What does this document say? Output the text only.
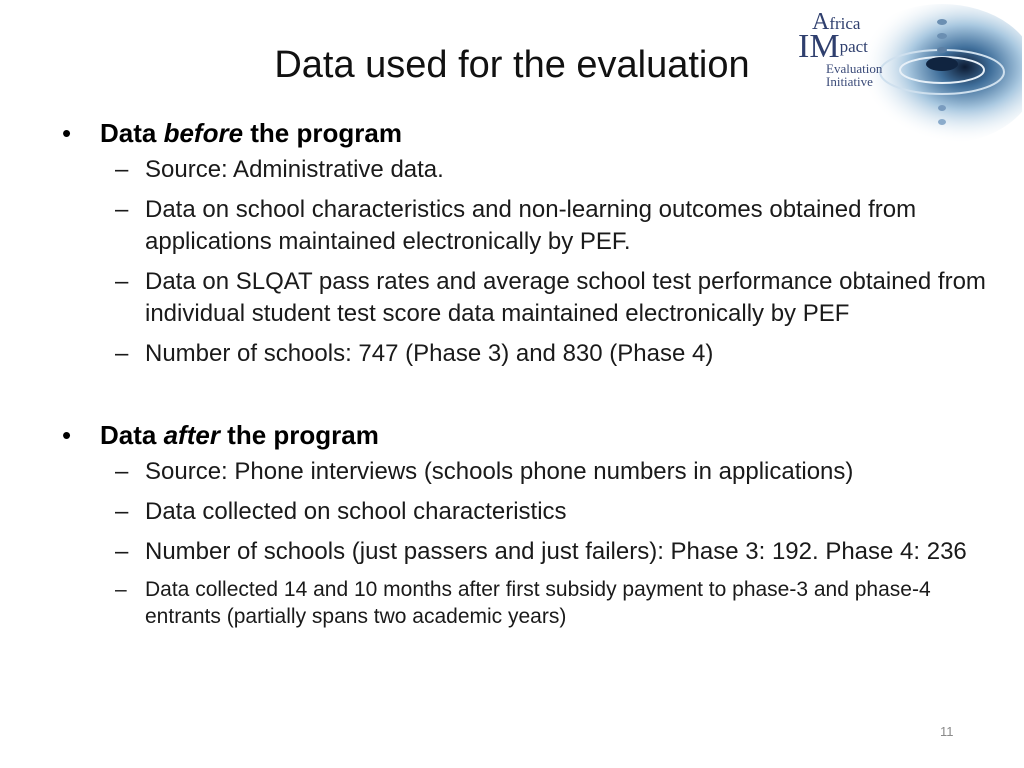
Data used for the evaluation
Africa
$IM^{pact}$
Evaluation
Initiative
• Data before the program
– Source: Administrative data.
– Data on school characteristics and non-learning outcomes obtained from applications maintained electronically by PEF.
– Data on SLQAT pass rates and average school test performance obtained from individual student test score data maintained electronically by PEF
– Number of schools: 747 (Phase 3) and 830 (Phase 4)
• Data after the program
– Source: Phone interviews (schools phone numbers in applications)
– Data collected on school characteristics
– Number of schools (just passers and just failers): Phase 3: 192. Phase 4: 236
– Data collected 14 and 10 months after first subsidy payment to phase-3 and phase-4 entrants (partially spans two academic years)
11
